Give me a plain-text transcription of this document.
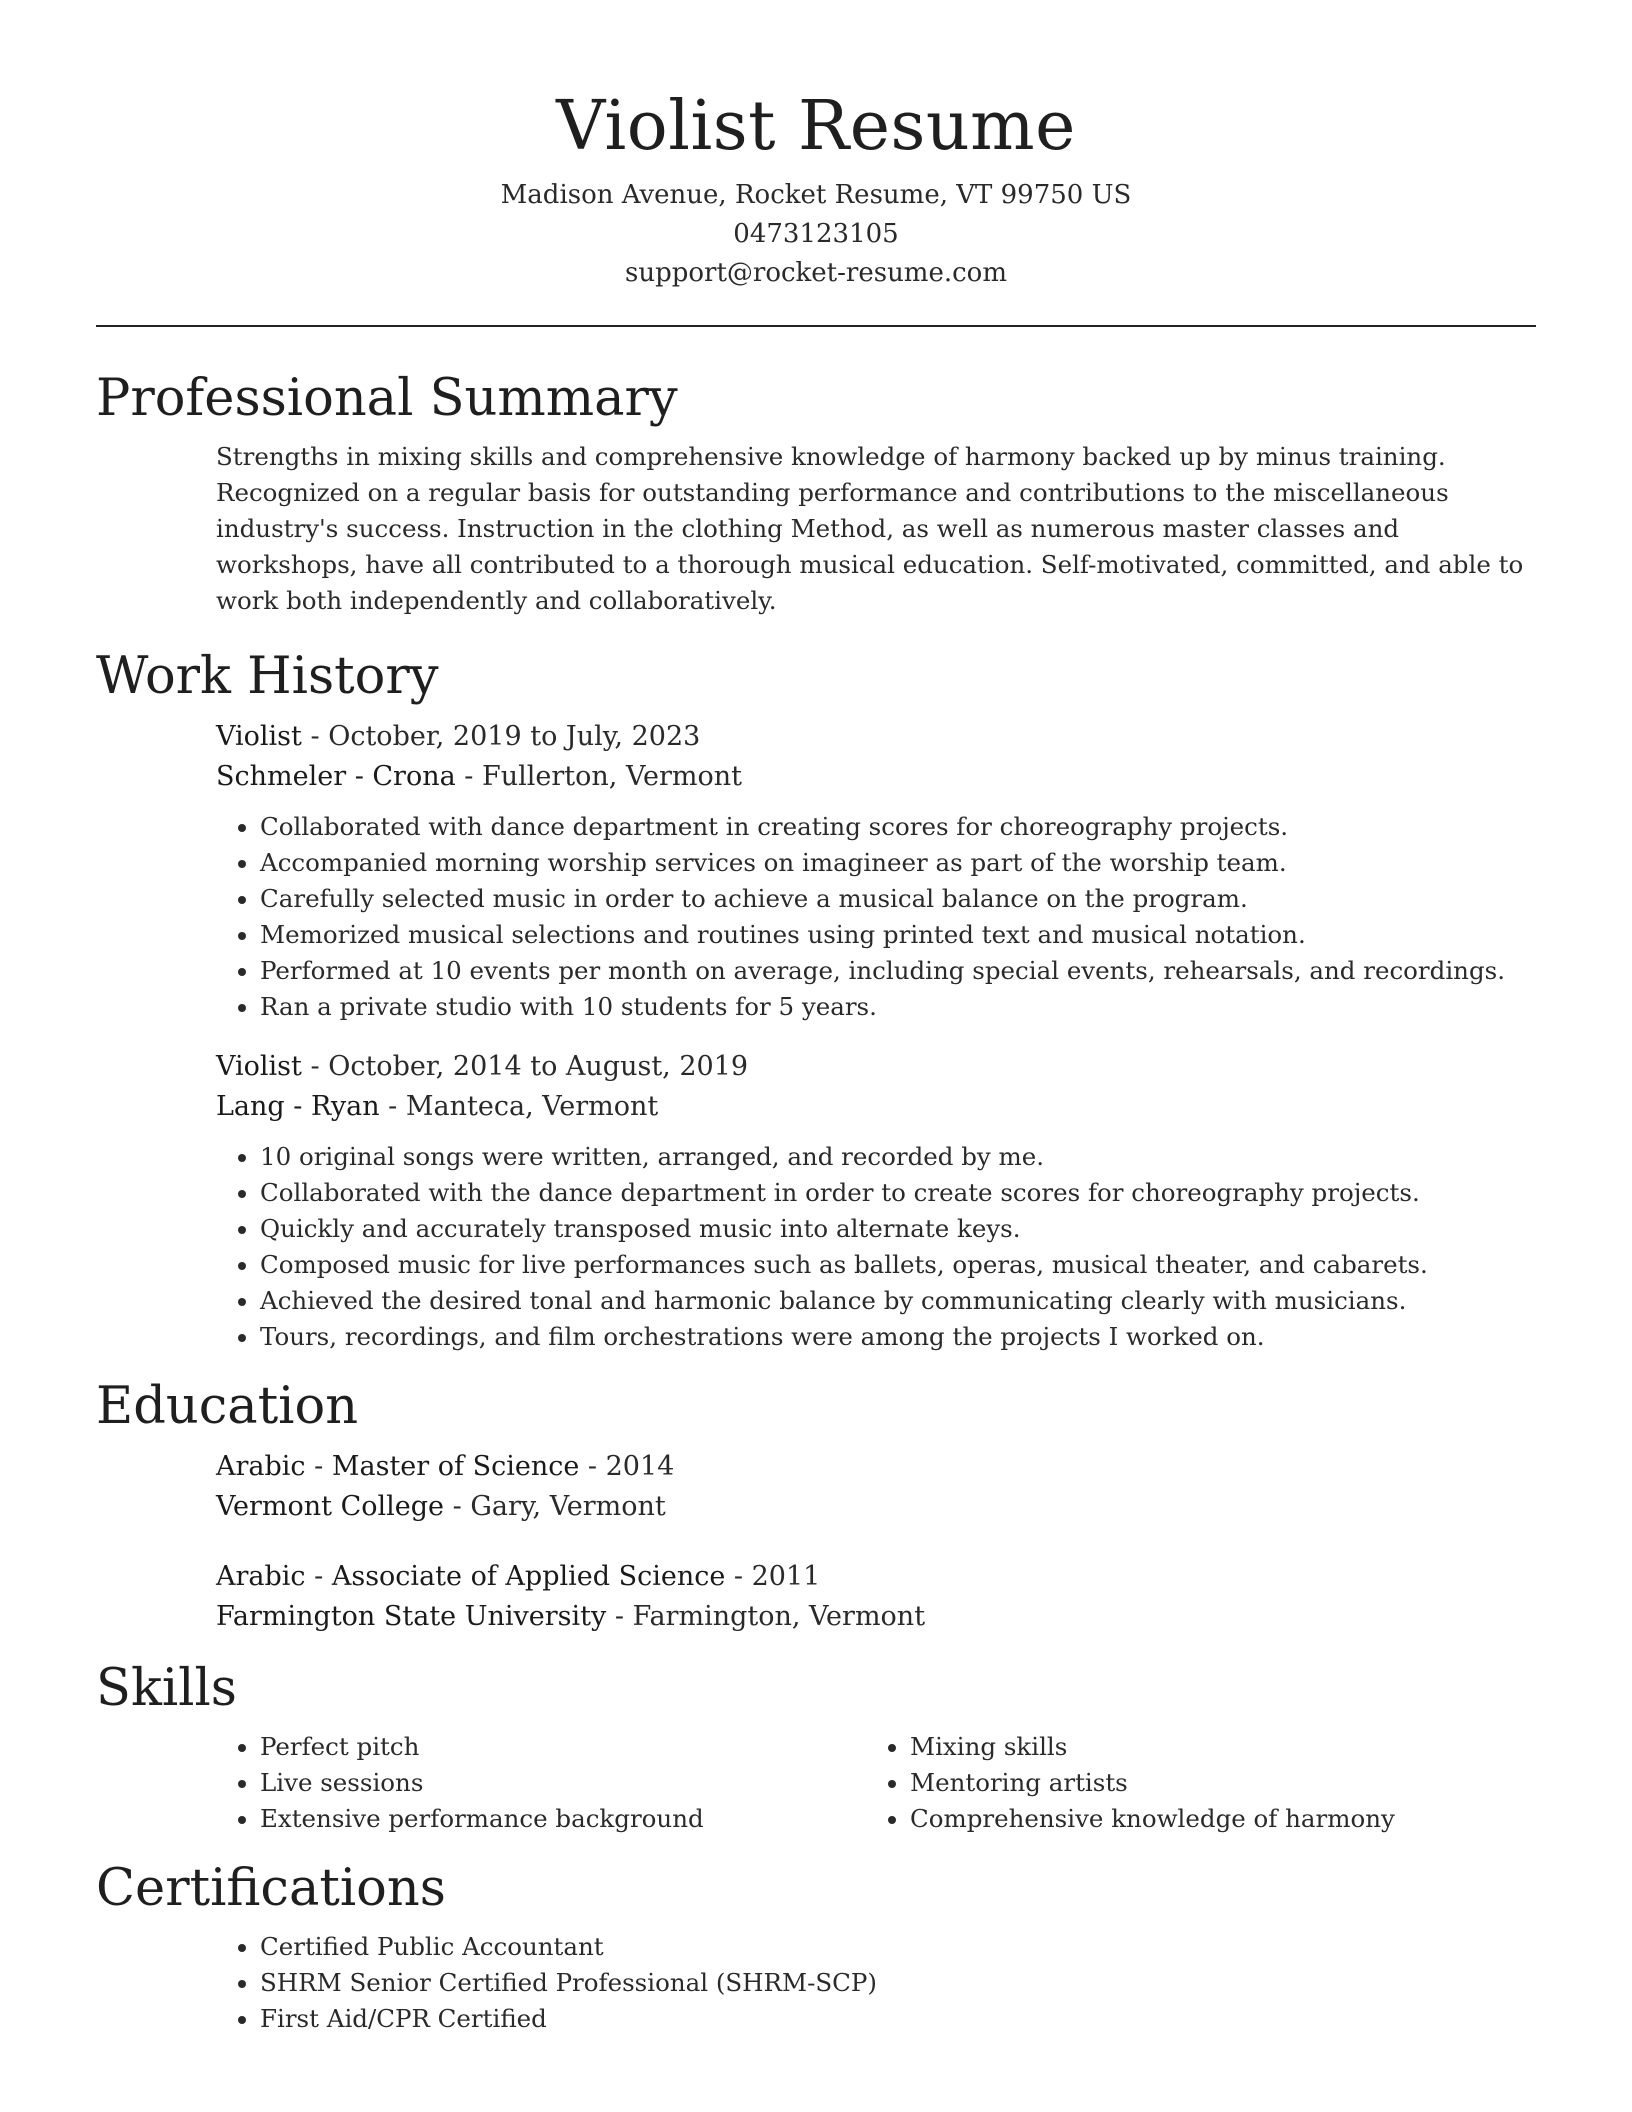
Violist Resume
Madison Avenue, Rocket Resume, VT 99750 US
0473123105
support@rocket-resume.com
Professional Summary

Strengths in mixing skills and comprehensive knowledge of harmony backed up by minus training. Recognized on a regular basis for outstanding performance and contributions to the miscellaneous industry's success. Instruction in the clothing Method, as well as numerous master classes and workshops, have all contributed to a thorough musical education. Self-motivated, committed, and able to work both independently and collaboratively.

Work History
Violist - October, 2019 to July, 2023
Schmeler - Crona - Fullerton, Vermont
• Collaborated with dance department in creating scores for choreography projects.
• Accompanied morning worship services on imagineer as part of the worship team.
• Carefully selected music in order to achieve a musical balance on the program.
• Memorized musical selections and routines using printed text and musical notation.
• Performed at 10 events per month on average, including special events, rehearsals, and recordings.
• Ran a private studio with 10 students for 5 years.
Violist - October, 2014 to August, 2019
Lang - Ryan - Manteca, Vermont
• 10 original songs were written, arranged, and recorded by me.
• Collaborated with the dance department in order to create scores for choreography projects.
• Quickly and accurately transposed music into alternate keys.
• Composed music for live performances such as ballets, operas, musical theater, and cabarets.
• Achieved the desired tonal and harmonic balance by communicating clearly with musicians.
• Tours, recordings, and film orchestrations were among the projects I worked on.
Education
Arabic - Master of Science - 2014
Vermont College - Gary, Vermont
Arabic - Associate of Applied Science - 2011
Farmington State University - Farmington, Vermont
Skills
• Perfect pitch
• Live sessions
• Extensive performance background
• Mixing skills
• Mentoring artists
• Comprehensive knowledge of harmony
Certifications
• Certified Public Accountant
• SHRM Senior Certified Professional (SHRM-SCP)
• First Aid/CPR Certified
